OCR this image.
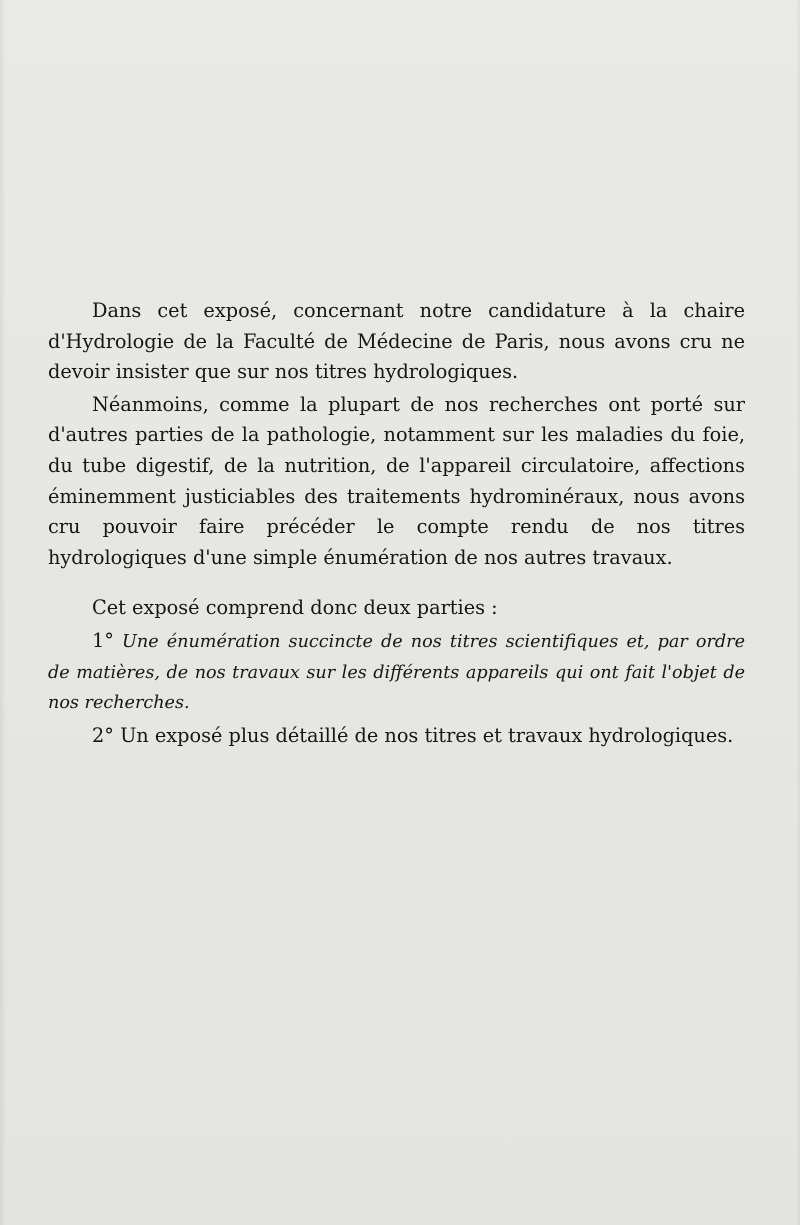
Dans cet exposé, concernant notre candidature à la chaire d'Hydrologie de la Faculté de Médecine de Paris, nous avons cru ne devoir insister que sur nos titres hydrologiques.

Néanmoins, comme la plupart de nos recherches ont porté sur d'autres parties de la pathologie, notamment sur les maladies du foie, du tube digestif, de la nutrition, de l'appareil circulatoire, affections éminemment justiciables des traitements hydrominéraux, nous avons cru pouvoir faire précéder le compte rendu de nos titres hydrologiques d'une simple énumération de nos autres travaux.

Cet exposé comprend donc deux parties :

1° Une énumération succincte de nos titres scientifiques et, par ordre de matières, de nos travaux sur les différents appareils qui ont fait l'objet de nos recherches.

2° Un exposé plus détaillé de nos titres et travaux hydrologiques.
